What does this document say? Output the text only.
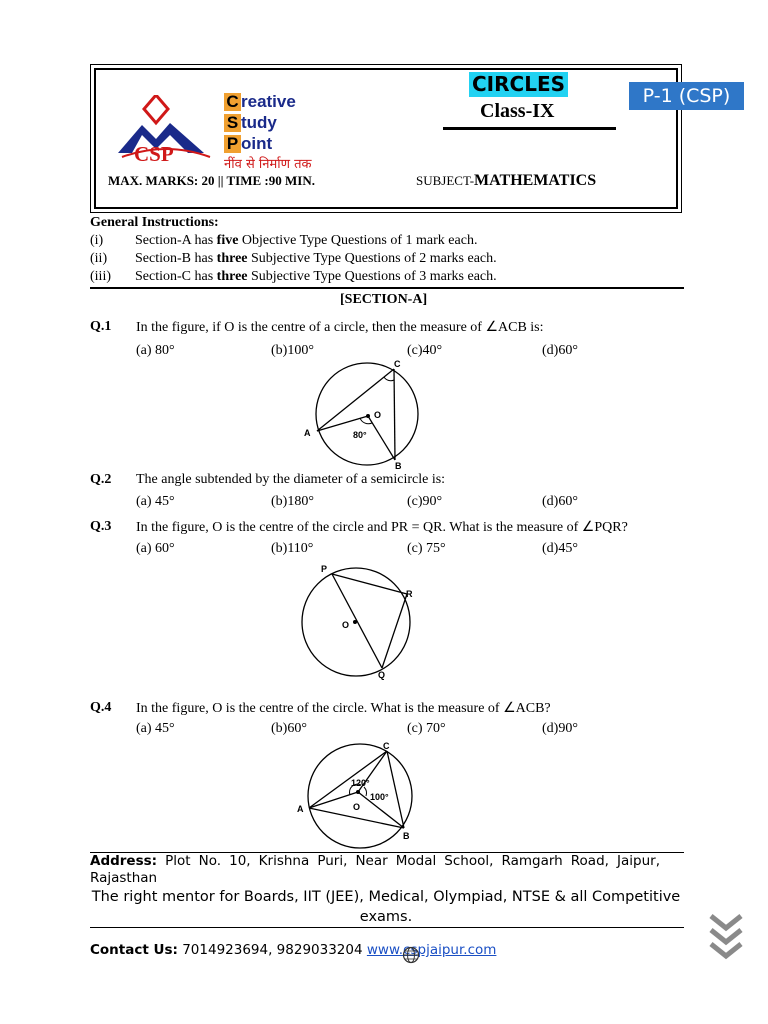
CSP
C reative
S tudy
P oint
नींव से निर्माण तक
CIRCLES
Class-IX
P-1 (CSP)
MAX. MARKS: 20 || TIME :90 MIN.	SUBJECT-MATHEMATICS
General Instructions:
(i) Section-A has five Objective Type Questions of 1 mark each.
(ii) Section-B has three Subjective Type Questions of 2 marks each.
(iii) Section-C has three Subjective Type Questions of 3 marks each.
[SECTION-A]
Q.1 In the figure, if O is the centre of a circle, then the measure of ∠ACB is:
(a) 80°	(b)100°	(c)40°	(d)60°
C
A
B
O
80°
Q.2 The angle subtended by the diameter of a semicircle is:
(a) 45°	(b)180°	(c)90°	(d)60°
Q.3 In the figure, O is the centre of the circle and PR = QR. What is the measure of ∠PQR?
(a) 60°	(b)110°	(c) 75°	(d)45°
P
R
Q
O
Q.4 In the figure, O is the centre of the circle. What is the measure of ∠ACB?
(a) 45°	(b)60°	(c) 70°	(d)90°
C
A
B
O
120°
100°
Address: Plot No. 10, Krishna Puri, Near Modal School, Ramgarh Road, Jaipur, Rajasthan
The right mentor for Boards, IIT (JEE), Medical, Olympiad, NTSE & all Competitive exams.
Contact Us: 7014923694, 9829033204 www.cspjaipur.com
